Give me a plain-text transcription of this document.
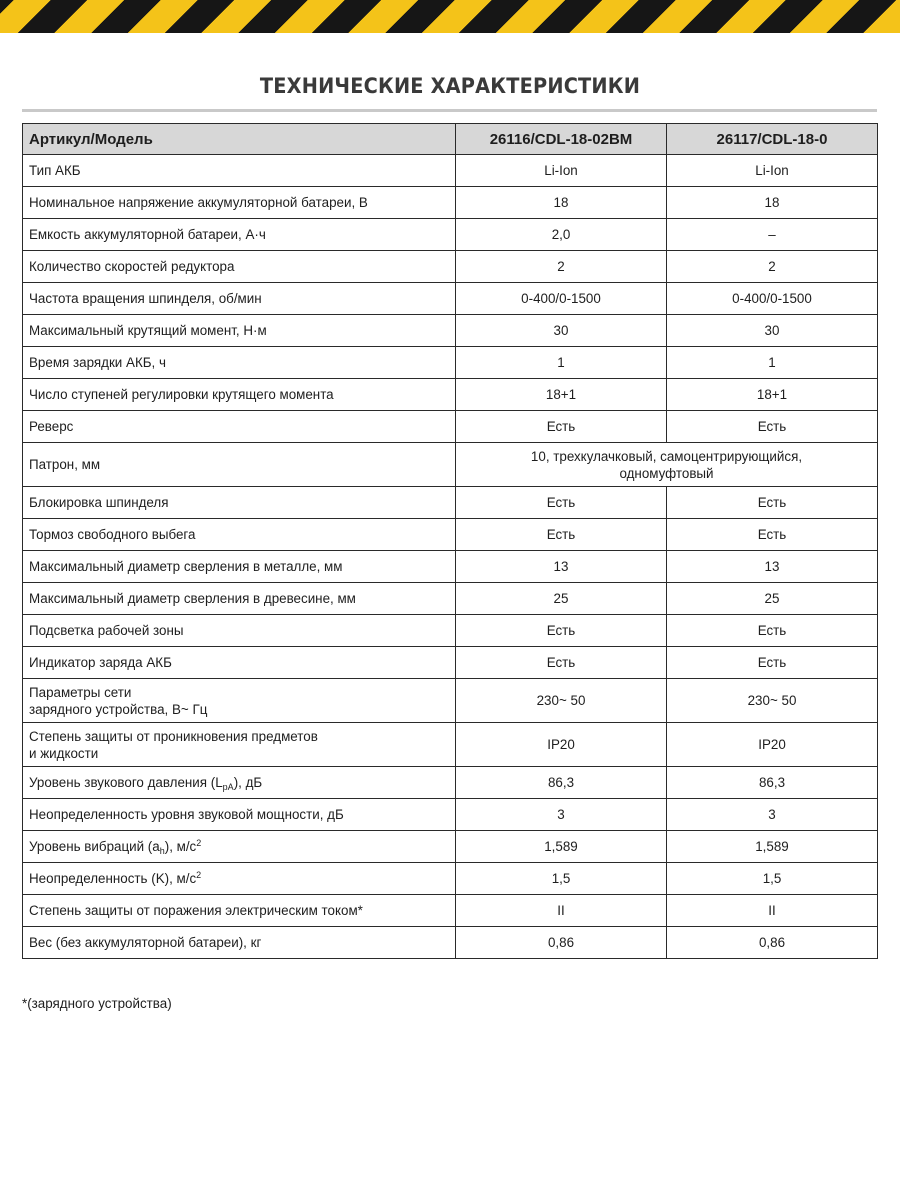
ТЕХНИЧЕСКИЕ ХАРАКТЕРИСТИКИ
Артикул/Модель	26116/CDL-18-02BM	26117/CDL-18-0
Тип АКБ	Li-Ion	Li-Ion
Номинальное напряжение аккумуляторной батареи, В	18	18
Емкость аккумуляторной батареи, А·ч	2,0	–
Количество скоростей редуктора	2	2
Частота вращения шпинделя, об/мин	0-400/0-1500	0-400/0-1500
Максимальный крутящий момент, Н·м	30	30
Время зарядки АКБ, ч	1	1
Число ступеней регулировки крутящего момента	18+1	18+1
Реверс	Есть	Есть
Патрон, мм	10, трехкулачковый, самоцентрирующийся, одномуфтовый	
Блокировка шпинделя	Есть	Есть
Тормоз свободного выбега	Есть	Есть
Максимальный диаметр сверления в металле, мм	13	13
Максимальный диаметр сверления в древесине, мм	25	25
Подсветка рабочей зоны	Есть	Есть
Индикатор заряда АКБ	Есть	Есть
Параметры сети
зарядного устройства, В~ Гц	230~ 50	230~ 50
Степень защиты от проникновения предметов
и жидкости	IP20	IP20
Уровень звукового давления $(L_{pA})$, дБ	86,3	86,3
Неопределенность уровня звуковой мощности, дБ	3	3
Уровень вибраций $(a_h)$, $м/с^2$	1,589	1,589
Неопределенность (K), $м/с^2$	1,5	1,5
Степень защиты от поражения электрическим током*	II	II
Вес (без аккумуляторной батареи), кг	0,86	0,86
*(зарядного устройства)
